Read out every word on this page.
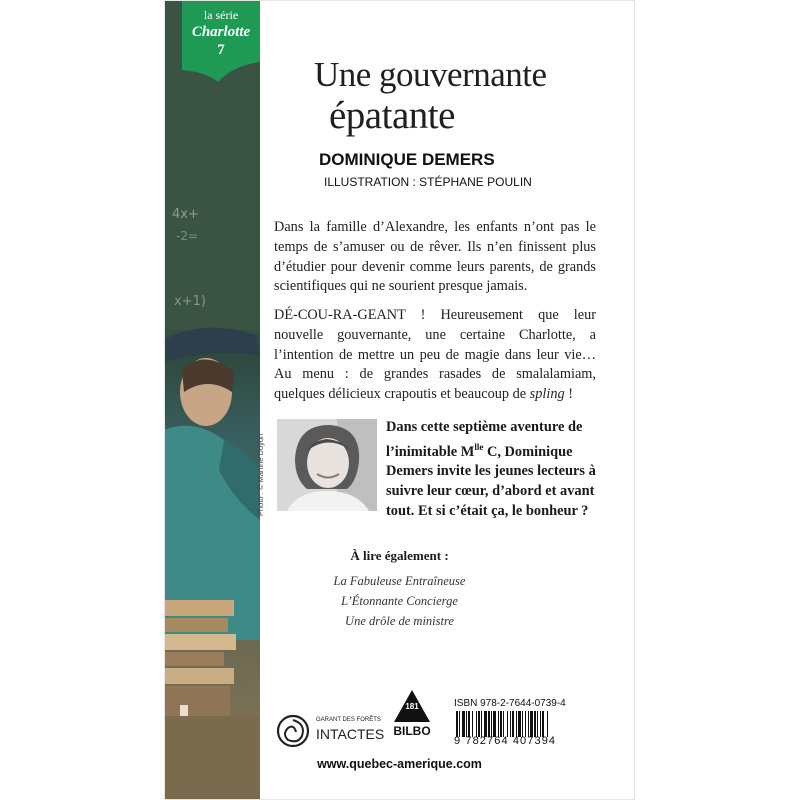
4x+
-2=
x+1)
la série
Charlotte
7
Une gouvernante
épatante
DOMINIQUE DEMERS
ILLUSTRATION : STÉPHANE POULIN
Dans la famille d’Alexandre, les enfants n’ont pas le temps de s’amuser ou de rêver. Ils n’en finissent plus d’étudier pour devenir comme leurs parents, de grands scientifiques qui ne sourient presque jamais.
DÉ-COU-RA-GEANT ! Heureusement que leur nouvelle gouvernante, une certaine Charlotte, a l’intention de mettre un peu de magie dans leur vie… Au menu : de grandes rasades de smalalamiam, quelques délicieux crapoutis et beaucoup de spling !
Photo : © Martine Doyon
Dans cette septième aventure de l’inimitable $M^{lle}$ C, Dominique Demers invite les jeunes lecteurs à suivre leur cœur, d’abord et avant tout. Et si c’était ça, le bonheur ?
À lire également :
La Fabuleuse Entraîneuse
L’Étonnante Concierge
Une drôle de ministre
GARANT DES FORÊTS
INTACTES
181
BILBO
ISBN 978-2-7644-0739-4
9 782764 407394
www.quebec-amerique.com
